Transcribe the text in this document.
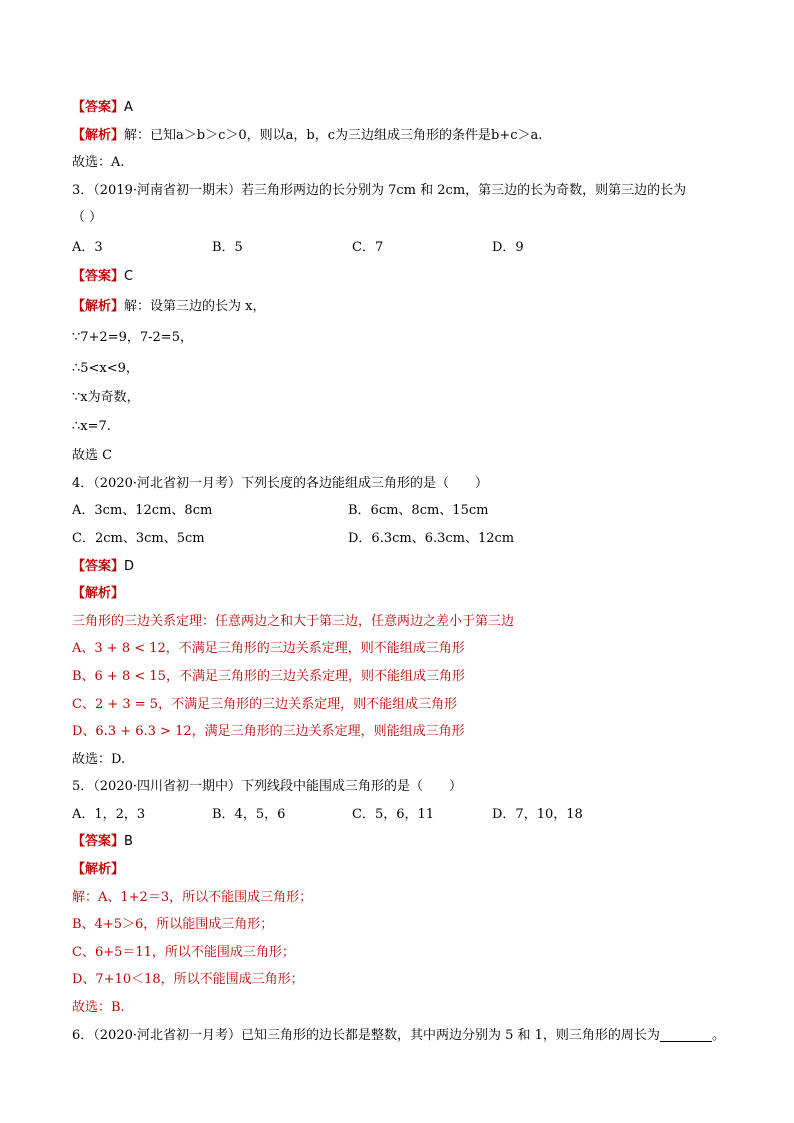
【答案】A
【解析】解：已知a＞b＞c＞0，则以a，b，c为三边组成三角形的条件是b+c＞a.
故选：A.
3．（2019·河南省初一期末）若三角形两边的长分别为 7cm 和 2cm，第三边的长为奇数，则第三边的长为
（ ）
A．3	B．5	C．7	D．9
【答案】C
【解析】解：设第三边的长为 x，
∵7+2=9，7-2=5，
∴5<x<9，
∵x为奇数，
∴x=7.
故选 C
4．（2020·河北省初一月考）下列长度的各边能组成三角形的是（　　）
A．3cm、12cm、8cm	B．6cm、8cm、15cm
C．2cm、3cm、5cm	D．6.3cm、6.3cm、12cm
【答案】D
【解析】
三角形的三边关系定理：任意两边之和大于第三边，任意两边之差小于第三边
A、3 + 8 < 12，不满足三角形的三边关系定理，则不能组成三角形
B、6 + 8 < 15，不满足三角形的三边关系定理，则不能组成三角形
C、2 + 3 = 5，不满足三角形的三边关系定理，则不能组成三角形
D、6.3 + 6.3 > 12，满足三角形的三边关系定理，则能组成三角形
故选：D.
5．（2020·四川省初一期中）下列线段中能围成三角形的是（　　）
A．1，2，3	B．4，5，6	C．5，6，11	D．7，10，18
【答案】B
【解析】
解：A、1+2＝3，所以不能围成三角形；
B、4+5＞6，所以能围成三角形；
C、6+5＝11，所以不能围成三角形；
D、7+10＜18，所以不能围成三角形；
故选：B.
6．（2020·河北省初一月考）已知三角形的边长都是整数，其中两边分别为 5 和 1，则三角形的周长为	。
